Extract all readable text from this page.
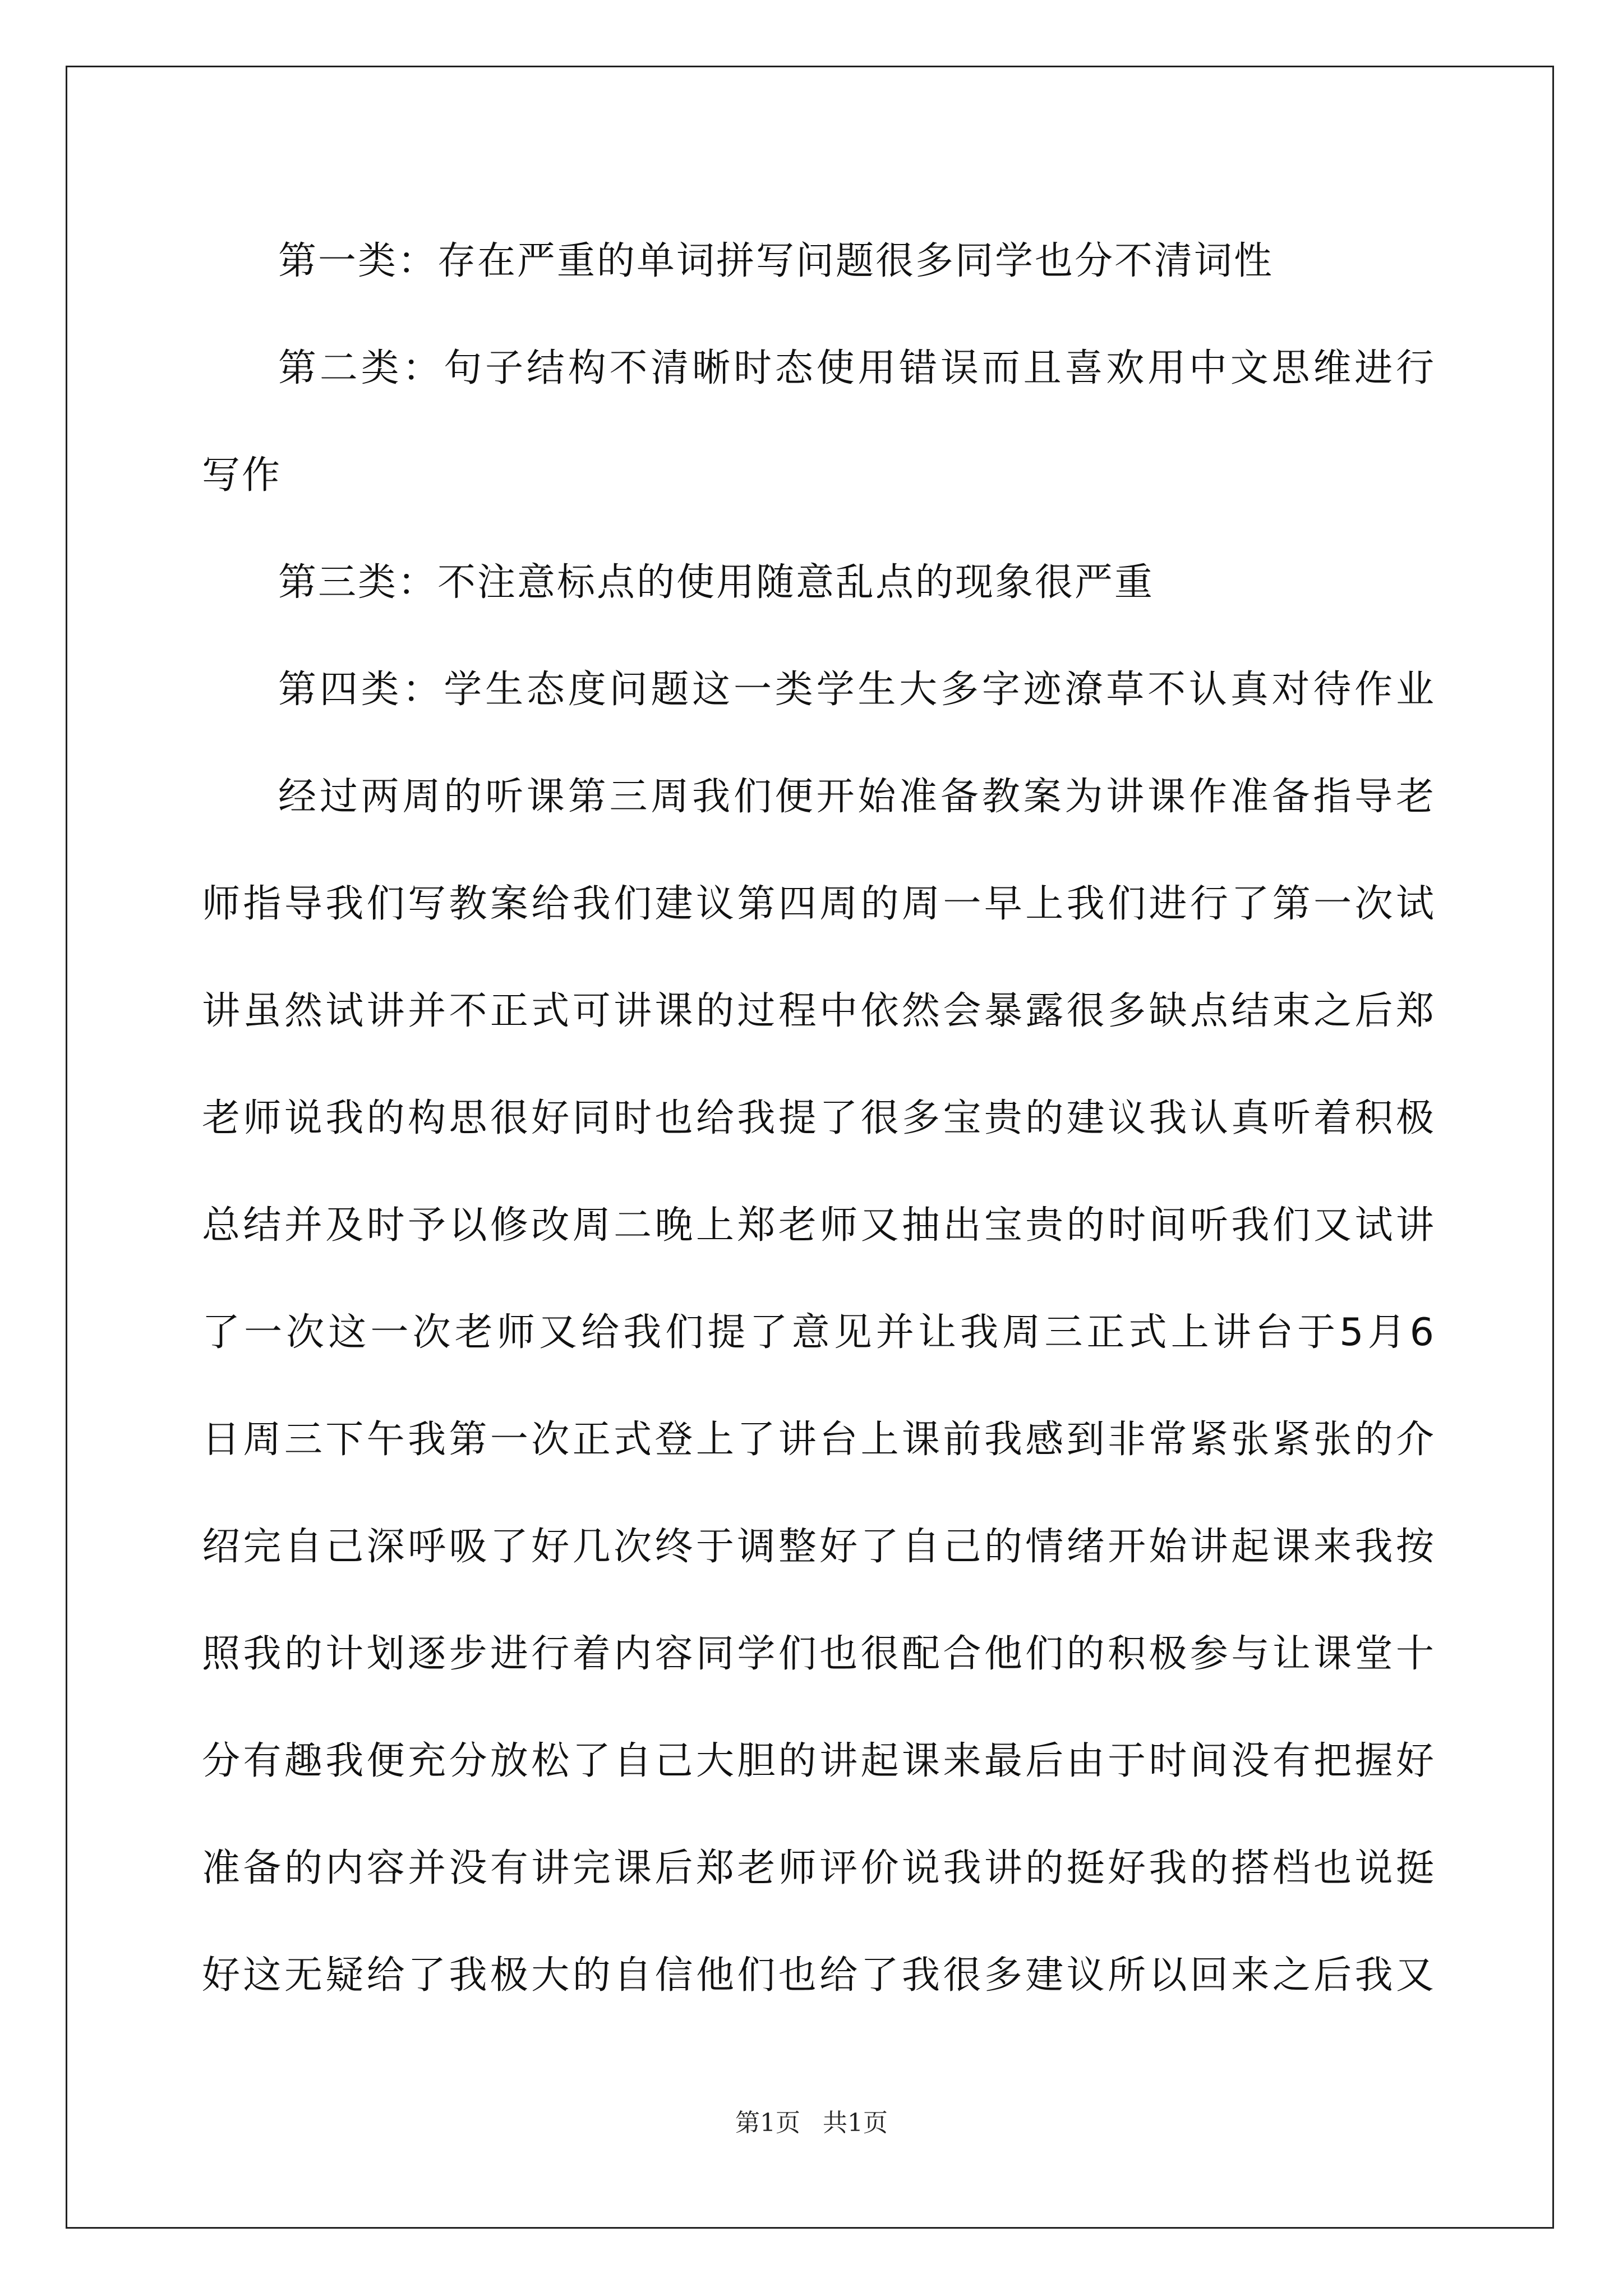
第一类：存在严重的单词拼写问题很多同学也分不清词性

第二类：句子结构不清晰时态使用错误而且喜欢用中文思维进行
写作

第三类：不注意标点的使用随意乱点的现象很严重

第四类：学生态度问题这一类学生大多字迹潦草不认真对待作业

经过两周的听课第三周我们便开始准备教案为讲课作准备指导老
师指导我们写教案给我们建议第四周的周一早上我们进行了第一次试
讲虽然试讲并不正式可讲课的过程中依然会暴露很多缺点结束之后郑
老师说我的构思很好同时也给我提了很多宝贵的建议我认真听着积极
总结并及时予以修改周二晚上郑老师又抽出宝贵的时间听我们又试讲
了一次这一次老师又给我们提了意见并让我周三正式上讲台于5月6
日周三下午我第一次正式登上了讲台上课前我感到非常紧张紧张的介
绍完自己深呼吸了好几次终于调整好了自己的情绪开始讲起课来我按
照我的计划逐步进行着内容同学们也很配合他们的积极参与让课堂十
分有趣我便充分放松了自己大胆的讲起课来最后由于时间没有把握好
准备的内容并没有讲完课后郑老师评价说我讲的挺好我的搭档也说挺
好这无疑给了我极大的自信他们也给了我很多建议所以回来之后我又

第1页 共1页
